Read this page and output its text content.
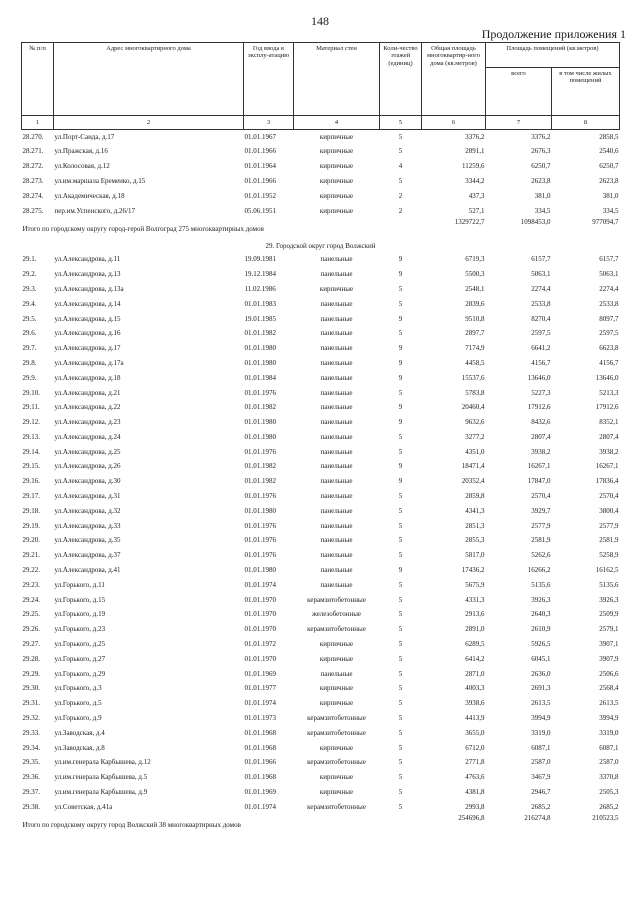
148
Продолжение приложения 1
№ п/п	Адрес многоквартирного дома	Год ввода в эксплу-атацию	Материал стен	Коли-чество этажей (единиц)	Общая площадь многоквартир-ного дома (кв.метров)	Площадь помещений (кв.метров)	
						всего	в том числе жилых помещений
1	2	3	4	5	6	7	8
28.270.	ул.Порт-Саида, д.17	01.01.1967	кирпичные	5	3376,2	3376,2	2858,5
28.271.	ул.Пражская, д.16	01.01.1966	кирпичные	5	2891,1	2676,3	2540,6
28.272.	ул.Колосовая, д.12	01.01.1964	кирпичные	4	11259,6	6250,7	6250,7
28.273.	ул.им.маршала Еременко, д.15	01.01.1966	кирпичные	5	3344,2	2623,8	2623,8
28.274.	ул.Академическая, д.18	01.01.1952	кирпичные	2	437,3	381,0	381,0
28.275.	пер.им.Успенского, д.26/17	05.06.1951	кирпичные	2	527,1	334,5	334,5
Итого по городскому округу город-герой Волгоград 275 многоквартирных домов					1329722,7	1098453,0	977094,7
29. Городской округ город Волжский							
29.1.	ул.Александрова, д.11	19.09.1981	панельные	9	6719,3	6157,7	6157,7
29.2.	ул.Александрова, д.13	19.12.1984	панельные	9	5500,3	5063,1	5063,1
29.3.	ул.Александрова, д.13а	11.02.1986	кирпичные	5	2548,1	2274,4	2274,4
29.4.	ул.Александрова, д.14	01.01.1983	панельные	5	2839,6	2533,8	2533,8
29.5.	ул.Александрова, д.15	19.01.1985	панельные	9	9510,8	8270,4	8097,7
29.6.	ул.Александрова, д.16	01.01.1982	панельные	5	2897,7	2597,5	2597,5
29.7.	ул.Александрова, д.17	01.01.1980	панельные	9	7174,9	6641,2	6623,8
29.8.	ул.Александрова, д.17а	01.01.1980	панельные	9	4458,5	4156,7	4156,7
29.9.	ул.Александрова, д.18	01.01.1984	панельные	9	15537,6	13646,0	13646,0
29.10.	ул.Александрова, д.21	01.01.1976	панельные	5	5783,8	5227,3	5213,3
29.11.	ул.Александрова, д.22	01.01.1982	панельные	9	20460,4	17912,6	17912,6
29.12.	ул.Александрова, д.23	01.01.1980	панельные	9	9632,6	8432,6	8352,1
29.13.	ул.Александрова, д.24	01.01.1980	панельные	5	3277,2	2807,4	2807,4
29.14.	ул.Александрова, д.25	01.01.1976	панельные	5	4351,0	3938,2	3938,2
29.15.	ул.Александрова, д.26	01.01.1982	панельные	9	18471,4	16267,1	16267,1
29.16.	ул.Александрова, д.30	01.01.1982	панельные	9	20352,4	17847,0	17836,4
29.17.	ул.Александрова, д.31	01.01.1976	панельные	5	2859,8	2570,4	2570,4
29.18.	ул.Александрова, д.32	01.01.1980	панельные	5	4341,3	3929,7	3800,4
29.19.	ул.Александрова, д.33	01.01.1976	панельные	5	2851,3	2577,9	2577,9
29.20.	ул.Александрова, д.35	01.01.1976	панельные	5	2855,3	2581,9	2581,9
29.21.	ул.Александрова, д.37	01.01.1976	панельные	5	5817,0	5262,6	5258,9
29.22.	ул.Александрова, д.41	01.01.1980	панельные	9	17436,2	16266,2	16162,5
29.23.	ул.Горького, д.11	01.01.1974	панельные	5	5675,9	5135,6	5135,6
29.24.	ул.Горького, д.15	01.01.1970	керамзитобетонные	5	4331,3	3926,3	3926,3
29.25.	ул.Горького, д.19	01.01.1970	железобетонные	5	2913,6	2640,3	2509,9
29.26.	ул.Горького, д.23	01.01.1970	керамзитобетонные	5	2891,0	2610,9	2579,1
29.27.	ул.Горького, д.25	01.01.1972	кирпичные	5	6289,5	5926,5	3907,1
29.28.	ул.Горького, д.27	01.01.1970	кирпичные	5	6414,2	6045,1	3907,9
29.29.	ул.Горького, д.29	01.01.1969	панельные	5	2871,0	2636,0	2506,6
29.30.	ул.Горького, д.3	01.01.1977	кирпичные	5	4003,3	2691,3	2568,4
29.31.	ул.Горького, д.5	01.01.1974	кирпичные	5	3938,6	2613,5	2613,5
29.32.	ул.Горького, д.9	01.01.1973	керамзитобетонные	5	4413,9	3994,9	3994,9
29.33.	ул.Заводская, д.4	01.01.1968	керамзитобетонные	5	3655,0	3319,0	3319,0
29.34.	ул.Заводская, д.8	01.01.1968	кирпичные	5	6712,0	6087,1	6087,1
29.35.	ул.им.генерала Карбышева, д.12	01.01.1966	керамзитобетонные	5	2771,8	2587,0	2587,0
29.36.	ул.им.генерала Карбышева, д.5	01.01.1968	кирпичные	5	4763,6	3467,9	3370,8
29.37.	ул.им.генерала Карбышева, д.9	01.01.1969	кирпичные	5	4381,8	2946,7	2505,3
29.38.	ул.Советская, д.41а	01.01.1974	керамзитобетонные	5	2993,8	2685,2	2685,2
Итого по городскому округу город Волжский 38 многоквартирных домов					254696,8	216274,8	210523,5
